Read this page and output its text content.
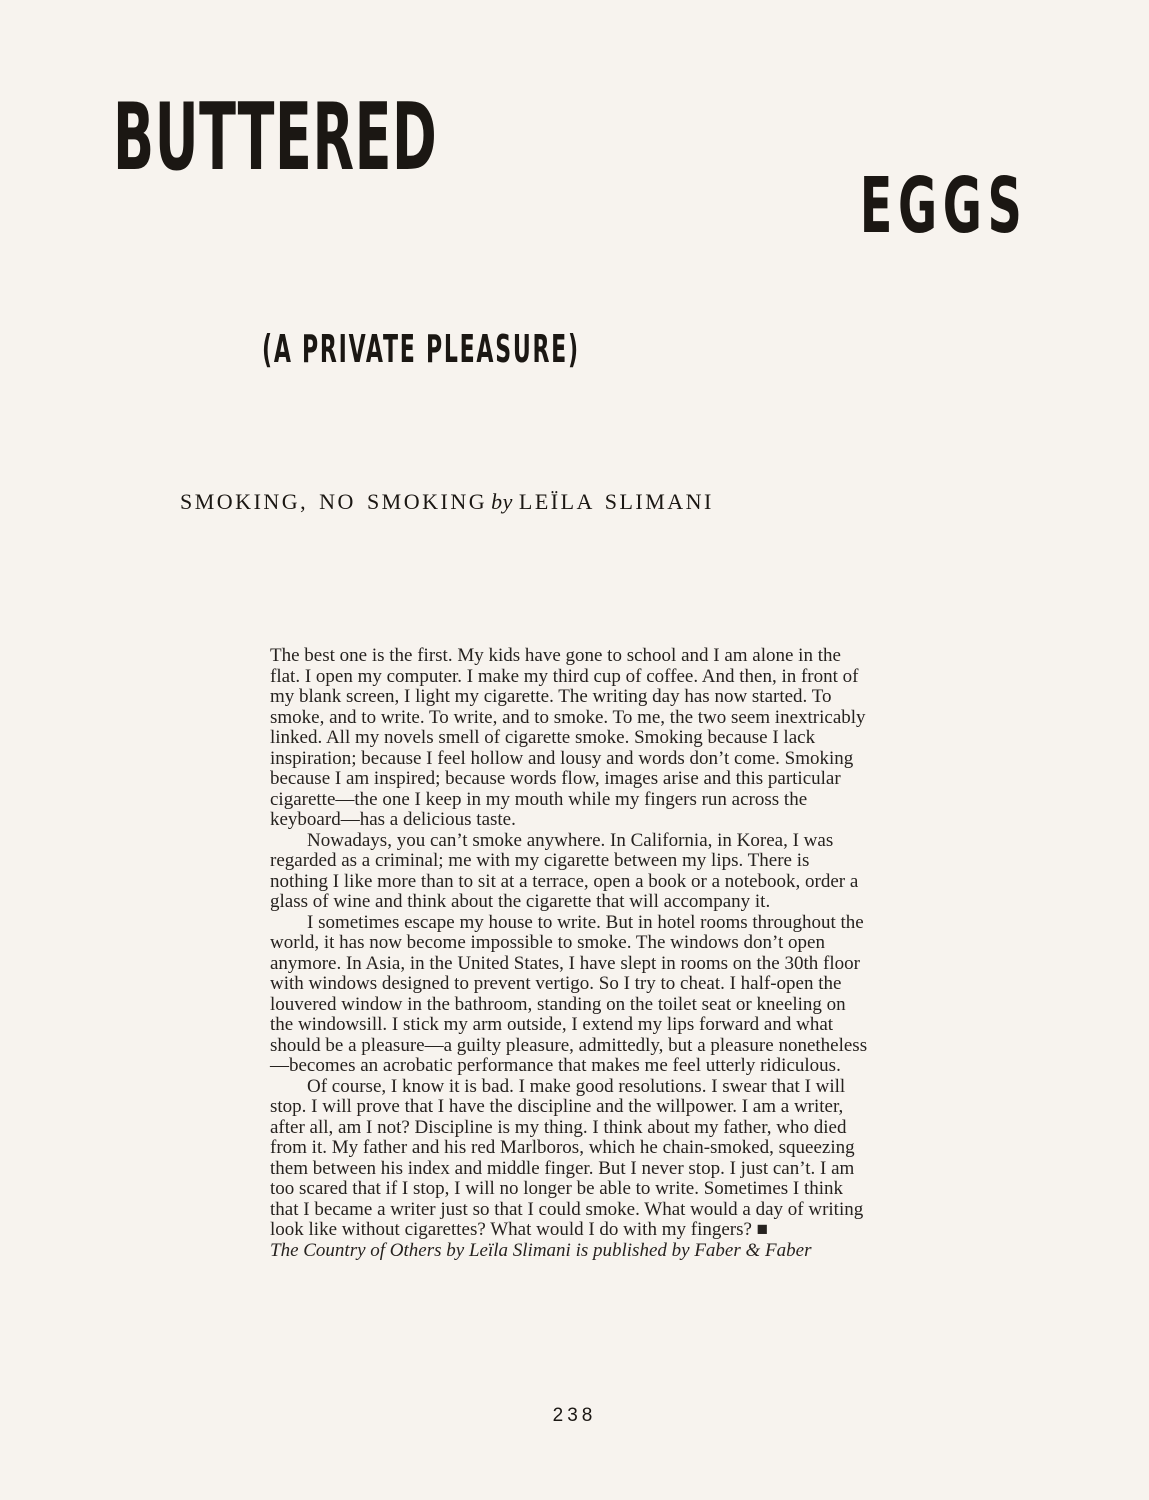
BUTTERED
EGGS
(A PRIVATE PLEASURE)
SMOKING, NO SMOKING by LEÏLA SLIMANI

The best one is the first. My kids have gone to school and I am alone in the flat. I open my computer. I make my third cup of coffee. And then, in front of my blank screen, I light my cigarette. The writing day has now started. To smoke, and to write. To write, and to smoke. To me, the two seem inextricably linked. All my novels smell of cigarette smoke. Smoking because I lack inspiration; because I feel hollow and lousy and words don’t come. Smoking because I am inspired; because words flow, images arise and this particular cigarette—the one I keep in my mouth while my fingers run across the keyboard—has a delicious taste.

Nowadays, you can’t smoke anywhere. In California, in Korea, I was regarded as a criminal; me with my cigarette between my lips. There is nothing I like more than to sit at a terrace, open a book or a notebook, order a glass of wine and think about the cigarette that will accompany it.

I sometimes escape my house to write. But in hotel rooms throughout the world, it has now become impossible to smoke. The windows don’t open anymore. In Asia, in the United States, I have slept in rooms on the 30th floor with windows designed to prevent vertigo. So I try to cheat. I half-open the louvered window in the bathroom, standing on the toilet seat or kneeling on the windowsill. I stick my arm outside, I extend my lips forward and what should be a pleasure—a guilty pleasure, admittedly, but a pleasure nonetheless—becomes an acrobatic performance that makes me feel utterly ridiculous.

Of course, I know it is bad. I make good resolutions. I swear that I will stop. I will prove that I have the discipline and the willpower. I am a writer, after all, am I not? Discipline is my thing. I think about my father, who died from it. My father and his red Marlboros, which he chain-smoked, squeezing them between his index and middle finger. But I never stop. I just can’t. I am too scared that if I stop, I will no longer be able to write. Sometimes I think that I became a writer just so that I could smoke. What would a day of writing look like without cigarettes? What would I do with my fingers? ■

The Country of Others by Leïla Slimani is published by Faber & Faber
238
